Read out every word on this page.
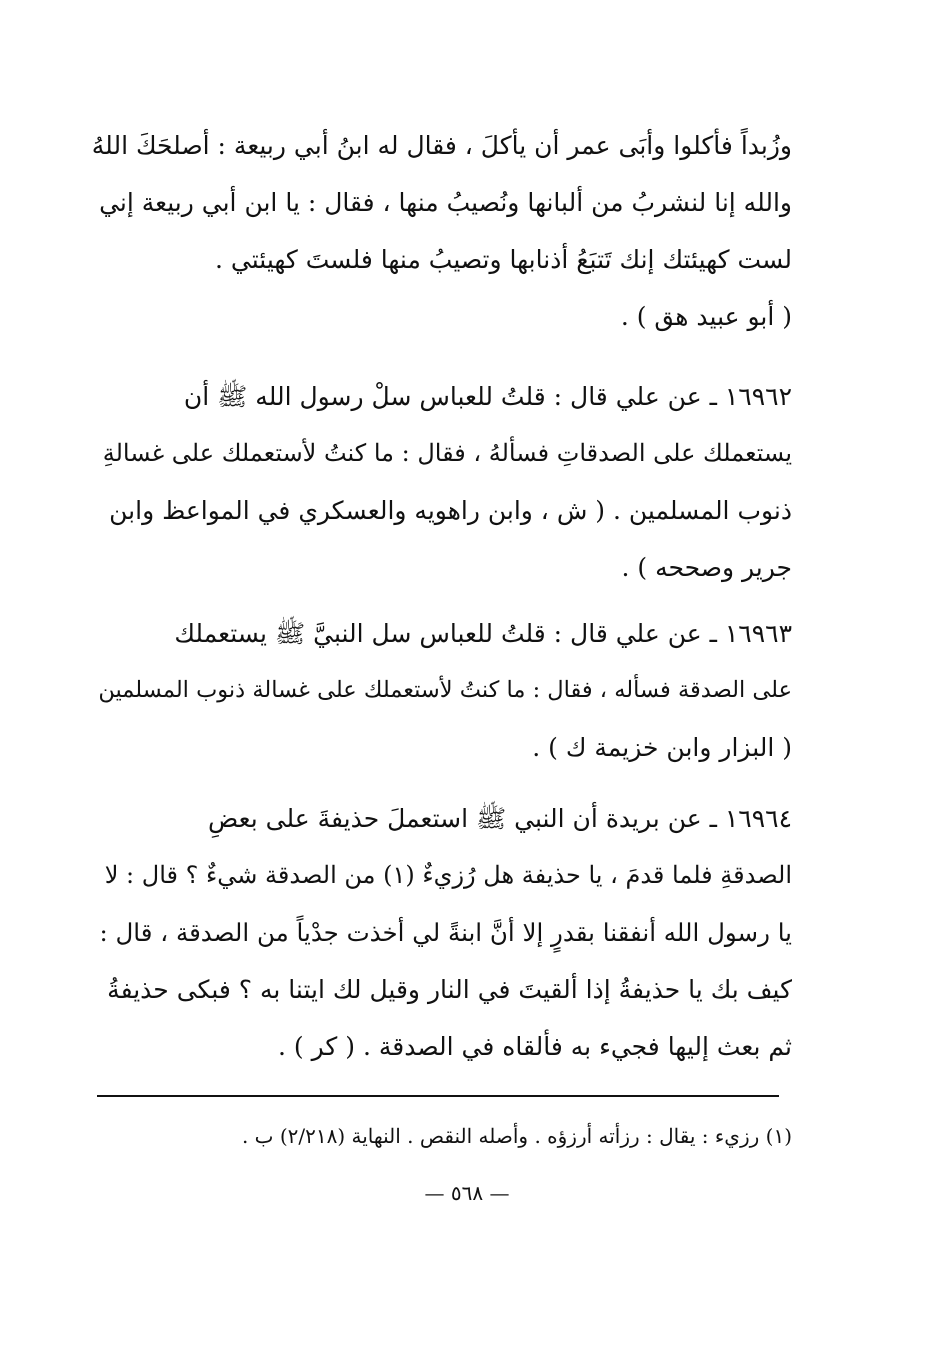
وزُبداً فأكلوا وأبَى عمر أن يأكلَ ، فقال له ابنُ أبي ربيعة : أصلحَكَ اللهُ
والله إنا لنشربُ من ألبانها ونُصيبُ منها ، فقال : يا ابن أبي ربيعة إني
لست كهيئتك إنك تَتبَعُ أذنابها وتصيبُ منها فلستَ كهيئتي .
( أبو عبيد هق ) .
١٦٩٦٢ ـ عن علي قال : قلتُ للعباس سلْ رسول الله ﷺ أن
يستعملك على الصدقاتِ فسألهُ ، فقال : ما كنتُ لأستعملك على غسالةِ
ذنوب المسلمين . ( ش ، وابن راهويه والعسكري في المواعظ وابن
جرير وصححه ) .
١٦٩٦٣ ـ عن علي قال : قلتُ للعباس سل النبيَّ ﷺ يستعملك
على الصدقة فسأله ، فقال : ما كنتُ لأستعملك على غسالة ذنوب المسلمين
( البزار وابن خزيمة ك ) .
١٦٩٦٤ ـ عن بريدة أن النبي ﷺ استعملَ حذيفةَ على بعضِ
الصدقةِ فلما قدمَ ، يا حذيفة هل رُزيءٌ (١) من الصدقة شيءٌ ؟ قال : لا
يا رسول الله أنفقنا بقدرٍ إلا أنَّ ابنةً لي أخذت جدْياً من الصدقة ، قال :
كيف بك يا حذيفةُ إذا ألقيتَ في النار وقيل لك ايتنا به ؟ فبكى حذيفةُ
ثم بعث إليها فجيء به فألقاه في الصدقة . ( كر ) .
(١) رزيء : يقال : رزأته أرزؤه . وأصله النقص . النهاية (٢/٢١٨) ب .
— ٥٦٨ —
